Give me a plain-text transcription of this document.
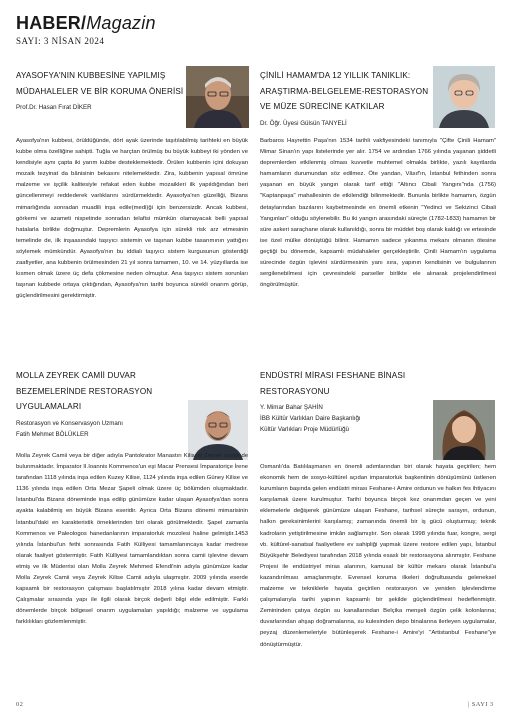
HABER/Magazin
SAYI: 3 NİSAN 2024
AYASOFYA'NIN KUBBESİNE YAPILMIŞ MÜDAHALELER VE BİR KORUMA ÖNERİSİ
Prof.Dr. Hasan Fırat DİKER
ÇİNİLİ HAMAM'DA 12 YILLIK TANIKLIK: ARAŞTIRMA-BELGELEME-RESTORASYON VE MÜZE SÜRECİNE KATKILAR
Dr. Öğr. Üyesi Gülsün TANYELİ
Ayasofya'nın kubbesi, örüldüğünde, dört ayak üzerinde taşıtılabilmiş tarihteki en büyük kubbe olma özelliğine sahipti. Tuğla ve harçtan örülmüş bu büyük kubbeyi iki yönden ve kendisiyle aynı çapta iki yarım kubbe desteklemektedir. Örülen kubbenin içini dokuyan mozaik tezyinat da bânisinin bekasını nitelemektedir. Zira, kubbenin yapısal ömrüne malzeme ve işçilik kalitesiyle refakat eden kubbe mozaikleri ilk yapıldığından beri güncellenmeyi reddederek varlıklarını sürdürmektedir. Ayasofya'nın güzelliği, Bizans mimarlığında sonradan muadili inşa edile(medi)ği için benzersizdir. Ancak kubbesi, görkemi ve azameti nispetinde sonradan telafisi mümkün olamayacak belli yapısal hatalarla birlikte doğmuştur. Depremlerin Ayasofya için sürekli risk arz etmesinin temelinde de, ilk inşaasındaki taşıyıcı sistemin ve taşınan kubbe tasarımının yattığını söylemek mümkündür. Ayasofya'nın bu iddialı taşıyıcı sistem kurgusunun gösterdiği zaafiyetler, ana kubbenin örülmesinden 21 yıl sonra tamamen, 10. ve 14. yüzyıllarda ise kısmen olmak üzere üç defa çökmesine neden olmuştur. Ana taşıyıcı sistem sorunları taşınan kubbede ortaya çıktığından, Ayasofya'nın tarihi boyunca sürekli onarım görüp, güçlendirilmesini gerektirmiştir.
Barbaros Hayrettin Paşa'nın 1534 tarihli vakfiyesindeki tanımıyla "Çifte Çinili Hamam" Mimar Sinan'ın yapı listelerinde yer alır. 1754 ve ardından 1766 yılında yaşanan şiddetli depremlerden etkilenmiş olması kuvvetle muhtemel olmakla birlikte, yazılı kayıtlarda hamamların durumundan söz edilmez. Öte yandan, Vâsıf'ın, İstanbul fethinden sonra yaşanan en büyük yangın olarak tarif ettiği "Altıncı Cibali Yangını"nda (1756) "Kaptanpaşa" mahallesinin de etkilendiği bilinmektedir. Bununla birlikte hamamın, özgün detaylarından bazılarını kaybetmesinde en önemli etkenin "Yedinci ve Sekizinci Cibali Yangınları" olduğu söylenebilir. Bu iki yangın arasındaki süreçte (1782-1833) hamamın bir süre askeri saraçhane olarak kullanıldığı, sonra bir müddet boş olarak kaldığı ve ertesinde ise özel mülke dönüştüğü bilinir. Hamamın sadece yıkanma mekanı olmanın ötesine geçtiği bu dönemde, kapsamlı müdahaleler gerçekleştirilir. Çinili Hamam'ın uygulama sürecinde özgün işlevini sürdürmesinin yanı sıra, yapının kendisinin ve bulgularının sergilenebilmesi için çevresindeki parseller birlikte ele alınarak projelendirilmesi öngörülmüştür.
MOLLA ZEYREK CAMİİ DUVAR BEZEMELERİNDE RESTORASYON UYGULAMALARI
Restorasyon ve Konservasyon Uzmanı
Fatih Mehmet BÖLÜKLER
ENDÜSTRİ MİRASI FESHANE BİNASI RESTORASYONU
Y. Mimar Bahar ŞAHİN
İBB Kültür Varlıkları Daire Başkanlığı
Kültür Varlıkları Proje Müdürlüğü
Molla Zeyrek Camii veya bir diğer adıyla Pantokrator Manastırı Kilisesi Zeyrek semtinde bulunmaktadır. İmparator II.Ioannis Kommenos'un eşi Macar Prensesi İmparatoriçe İrene tarafından 1118 yılında inşa edilen Kuzey Kilise, 1124 yılında inşa edilen Güney Kilise ve 1136 yılında inşa edilen Orta Mezar Şapeli olmak üzere üç bölümden oluşmaktadır. İstanbul'da Bizans döneminde inşa edilip günümüze kadar ulaşan Ayasofya'dan sonra ayakta kalabilmiş en büyük Bizans eseridir. Ayrıca Orta Bizans dönemi mimarisinin İstanbul'daki en karakteristik örneklerinden biri olarak görülmektedir. Şapel zamanla Kommenos ve Paleologos hanedanlarının imparatorluk mozolesi haline gelmiştir.1453 yılında İstanbul'un fethi sonrasında Fatih Külliyesi tamamlanıncaya kadar medrese olarak faaliyet göstermiştir. Fatih Külliyesi tamamlandıktan sonra camii işlevine devam etmiş ve ilk Müderrisi olan Molla Zeyrek Mehmed Efendi'nin adıyla günümüze kadar Molla Zeyrek Camii veya Zeyrek Kilise Camii adıyla ulaşmıştır. 2009 yılında eserde kapsamlı bir restorasyon çalışması başlatılmıştır 2018 yılına kadar devam etmiştir. Çalışmalar sırasında yapı ile ilgili olarak birçok değerli bilgi elde edilmiştir. Farklı dönemlerde birçok bölgesel onarım uygulamaları yapıldığı; malzeme ve uygulama farklılıkları gözlemlenmiştir.
Osmanlı'da Batılılaşmanın en önemli adımlarından biri olarak hayata geçirilen; hem ekonomik hem de sosyo-kültürel açıdan imparatorluk başkentinin dönüşümünü üstlenen kurumların başında gelen endüstri mirası Feshane-i Amire ordunun ve halkın fes ihtiyacını karşılamak üzere kurulmuştur. Tarihi boyunca birçok kez onarımdan geçen ve yeni eklemelerle değişerek günümüze ulaşan Feshane, tarihsel süreçte sarayın, ordunun, halkın gereksinimlerini karşılamış; zamanında önemli bir iş gücü oluşturmuş; teknik kadroların yetiştirilmesine imkân sağlamıştır. Son olarak 1998 yılında fuar, kongre, sergi vb. kültürel-sanatsal faaliyetlere ev sahipliği yapmak üzere restore edilen yapı, İstanbul Büyükşehir Belediyesi tarafından 2018 yılında esaslı bir restorasyona alınmıştır. Feshane Projesi ile endüstriyel miras alanının, kamusal bir kültür mekanı olarak İstanbul'a kazandırılması amaçlanmıştır. Evrensel koruma ilkeleri doğrultusunda geleneksel malzeme ve tekniklerle hayata geçirilen restorasyon ve yeniden işlevlendirme çalışmalarıyla tarihi yapının kapsamlı bir şekilde güçlendirilmesi hedeflenmiştir. Zemininden çatıya özgün su kanallarından Belçika menşeli özgün çelik kolonlarına; duvarlarından ahşap doğramalarına, su kulesinden depo binalarına ilerleyen uygulamalar, peyzaj düzenlemeleriyle bütünleşerek Feshane-i Amire'yi "Artistanbul Feshane"ye dönüştürmüştür.
02	| SAYI 3
